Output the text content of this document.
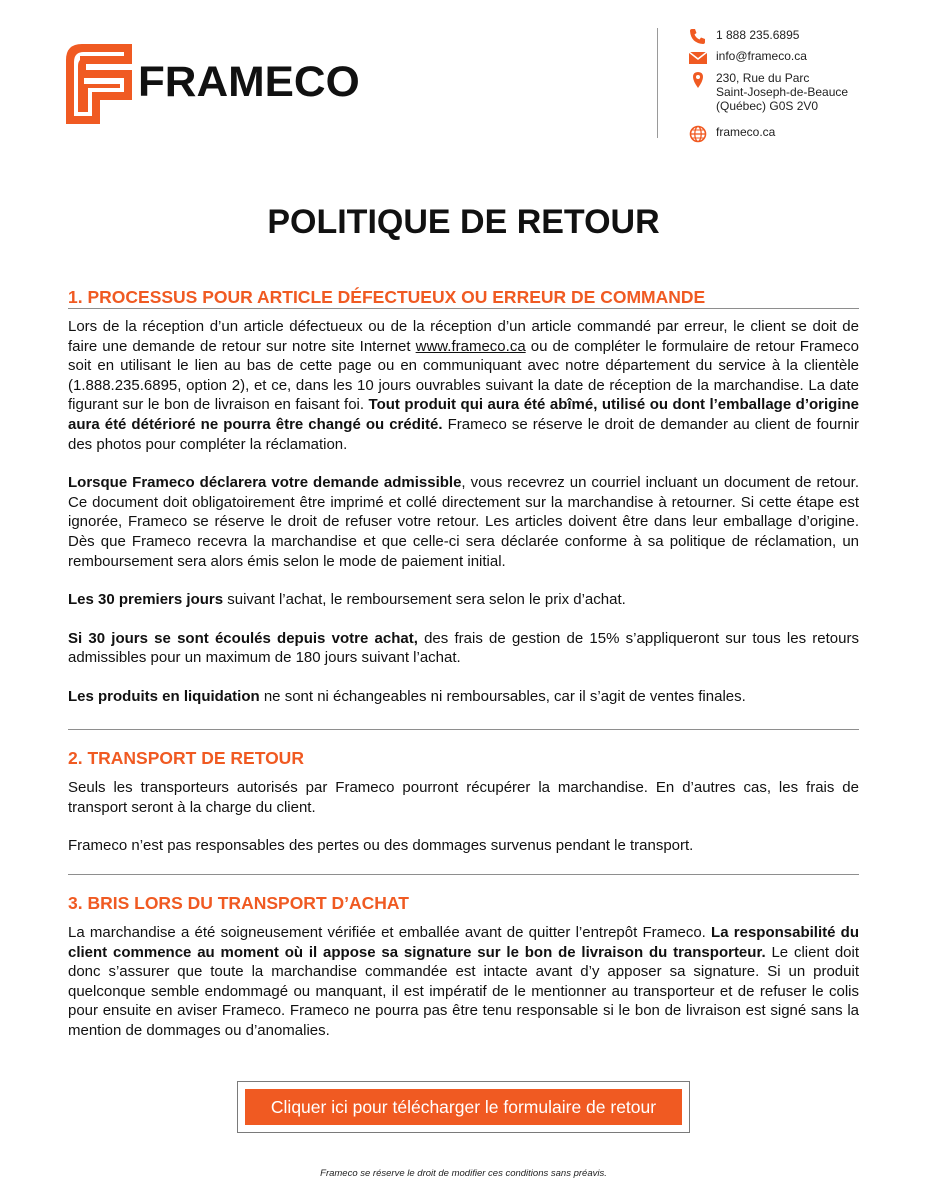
FRAMECO
1 888 235.6895
info@frameco.ca
230, Rue du Parc
Saint-Joseph-de-Beauce
(Québec) G0S 2V0
frameco.ca
POLITIQUE DE RETOUR
1. PROCESSUS POUR ARTICLE DÉFECTUEUX OU ERREUR DE COMMANDE

Lors de la réception d’un article défectueux ou de la réception d’un article commandé par erreur, le client se doit de faire une demande de retour sur notre site Internet www.frameco.ca ou de compléter le formulaire de retour Frameco soit en utilisant le lien au bas de cette page ou en communiquant avec notre département du service à la clientèle (1.888.235.6895, option 2), et ce, dans les 10 jours ouvrables suivant la date de réception de la marchandise. La date figurant sur le bon de livraison en faisant foi. Tout produit qui aura été abîmé, utilisé ou dont l’emballage d’origine aura été détérioré ne pourra être changé ou crédité. Frameco se réserve le droit de demander au client de fournir des photos pour compléter la réclamation.

Lorsque Frameco déclarera votre demande admissible, vous recevrez un courriel incluant un document de retour. Ce document doit obligatoirement être imprimé et collé directement sur la marchandise à retourner. Si cette étape est ignorée, Frameco se réserve le droit de refuser votre retour. Les articles doivent être dans leur emballage d’origine. Dès que Frameco recevra la marchandise et que celle-ci sera déclarée conforme à sa politique de réclamation, un remboursement sera alors émis selon le mode de paiement initial.

Les 30 premiers jours suivant l’achat, le remboursement sera selon le prix d’achat.

Si 30 jours se sont écoulés depuis votre achat, des frais de gestion de 15% s’appliqueront sur tous les retours admissibles pour un maximum de 180 jours suivant l’achat.

Les produits en liquidation ne sont ni échangeables ni remboursables, car il s’agit de ventes finales.

2. TRANSPORT DE RETOUR

Seuls les transporteurs autorisés par Frameco pourront récupérer la marchandise. En d’autres cas, les frais de transport seront à la charge du client.

Frameco n’est pas responsables des pertes ou des dommages survenus pendant le transport.

3. BRIS LORS DU TRANSPORT D’ACHAT

La marchandise a été soigneusement vérifiée et emballée avant de quitter l’entrepôt Frameco. La responsabilité du client commence au moment où il appose sa signature sur le bon de livraison du transporteur. Le client doit donc s’assurer que toute la marchandise commandée est intacte avant d’y apposer sa signature. Si un produit quelconque semble endommagé ou manquant, il est impératif de le mentionner au transporteur et de refuser le colis pour ensuite en aviser Frameco. Frameco ne pourra pas être tenu responsable si le bon de livraison est signé sans la mention de dommages ou d’anomalies.

Cliquer ici pour télécharger le formulaire de retour
Frameco se réserve le droit de modifier ces conditions sans préavis.
